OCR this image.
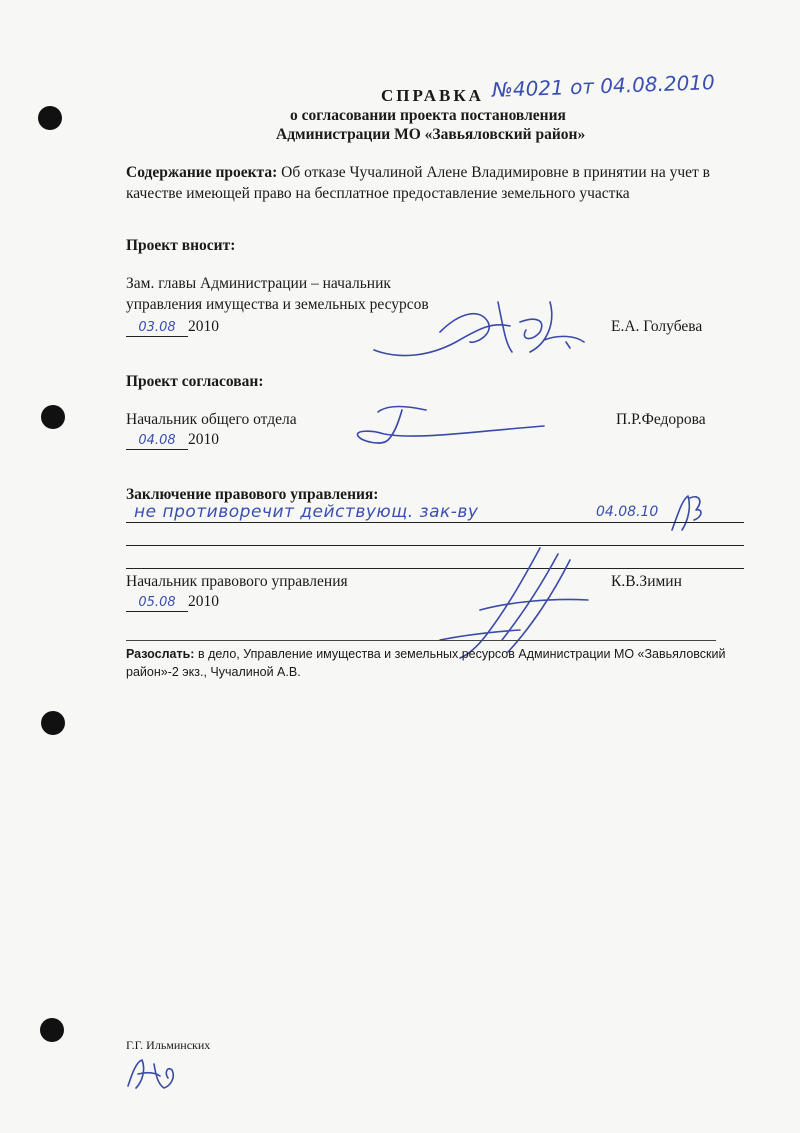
СПРАВКА №4021 от 04.08.2010
о согласовании проекта постановления
Администрации МО «Завьяловский район»
Содержание проекта: Об отказе Чучалиной Алене Владимировне в принятии на учет в
качестве имеющей право на бесплатное предоставление земельного участка
Проект вносит:
Зам. главы Администрации – начальник
управления имущества и земельных ресурсов
03.08 2010	Е.А. Голубева
Проект согласован:
Начальник общего отдела
04.08 2010
П.Р.Федорова
Заключение правового управления:
не противоречит действующ. зак-ву	04.08.10
Начальник правового управления
05.08 2010
К.В.Зимин
Разослать: в дело, Управление имущества и земельных ресурсов Администрации МО «Завьяловский
район»-2 экз., Чучалиной А.В.
Г.Г. Ильминских
